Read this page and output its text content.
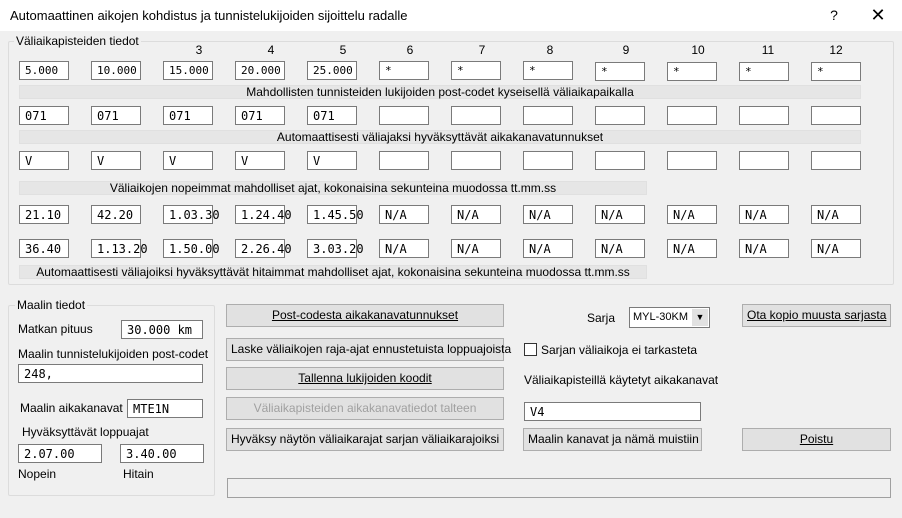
Automaattinen aikojen kohdistus ja tunnistelukijoiden sijoittelu radalle	?	✕
Väliaikapisteiden tiedot
3	4	5	6	7	8	9	10	11	12
5.000	10.000	15.000	20.000	25.000	*	*	*	*	*	*	*
Mahdollisten tunnisteiden lukijoiden post-codet kyseisellä väliaikapaikalla
071	071	071	071	071
Automaattisesti väliajaksi hyväksyttävät aikakanavatunnukset
V	V	V	V	V
Väliaikojen nopeimmat mahdolliset ajat, kokonaisina sekunteina muodossa tt.mm.ss
21.10	42.20	1.03.30	1.24.40	1.45.50	N/A	N/A	N/A	N/A	N/A	N/A	N/A
36.40	1.13.20	1.50.00	2.26.40	3.03.20	N/A	N/A	N/A	N/A	N/A	N/A	N/A
Automaattisesti väliajoiksi hyväksyttävät hitaimmat mahdolliset ajat, kokonaisina sekunteina muodossa tt.mm.ss
Maalin tiedot
Matkan pituus	30.000 km
Maalin tunnistelukijoiden post-codet
248,
Maalin aikakanavat MTE1N
Hyväksyttävät loppuajat
2.07.00	3.40.00
Nopein	Hitain
Post-codesta aikakanavatunnukset
Laske väliaikojen raja-ajat ennustetuista loppuajoista
Tallenna lukijoiden koodit
Väliaikapisteiden aikakanavatiedot talteen
Hyväksy näytön väliaikarajat sarjan väliaikarajoiksi
Sarja MYL-30KM ▼	Ota kopio muusta sarjasta
Sarjan väliaikoja ei tarkasteta
Väliaikapisteillä käytetyt aikakanavat
V4
Maalin kanavat ja nämä muistiin	Poistu
